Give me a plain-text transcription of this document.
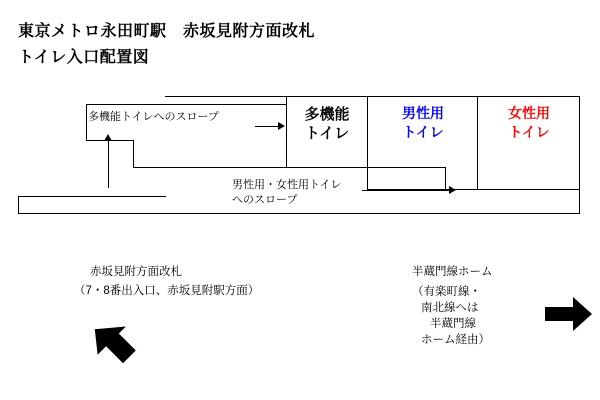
東京メトロ永田町駅　赤坂見附方面改札
トイレ入口配置図
多機能
トイレ
男性用
トイレ
女性用
トイレ
多機能トイレへのスロープ
男性用・女性用トイレ
へのスロープ
赤坂見附方面改札
（7・8番出入口、赤坂見附駅方面）
半蔵門線ホーム
（有楽町線・
南北線へは
半蔵門線
ホーム経由）
